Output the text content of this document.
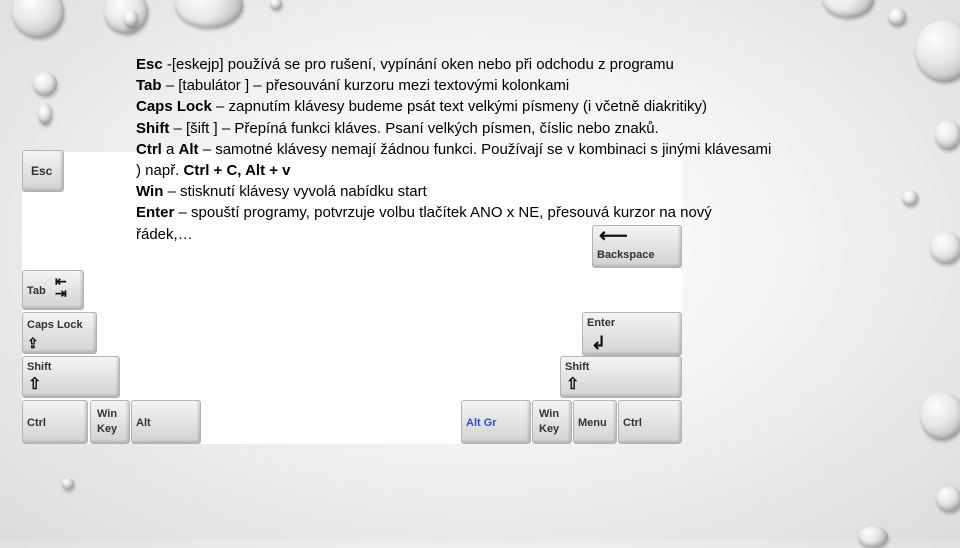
Esc
Tab
⇤
⇥
Caps Lock
⇪
Shift
⇧
Ctrl
Win
Key Alt
⟵
Backspace
Enter
↲
Shift
⇧
Alt Gr
Win
Key Menu Ctrl

Esc -[eskejp] používá se pro rušení, vypínání oken nebo při odchodu z programu

Tab – [tabulátor ] – přesouvání kurzoru mezi textovými kolonkami

Caps Lock – zapnutím klávesy budeme psát text velkými písmeny (i včetně diakritiky)

Shift – [šift ] – Přepíná funkci kláves. Psaní velkých písmen, číslic nebo znaků.

Ctrl a Alt – samotné klávesy nemají žádnou funkci. Používají se v kombinaci s jinými klávesami

) např. Ctrl + C, Alt + v

Win – stisknutí klávesy vyvolá nabídku start

Enter – spouští programy, potvrzuje volbu tlačítek ANO x NE, přesouvá kurzor na nový

řádek,…
